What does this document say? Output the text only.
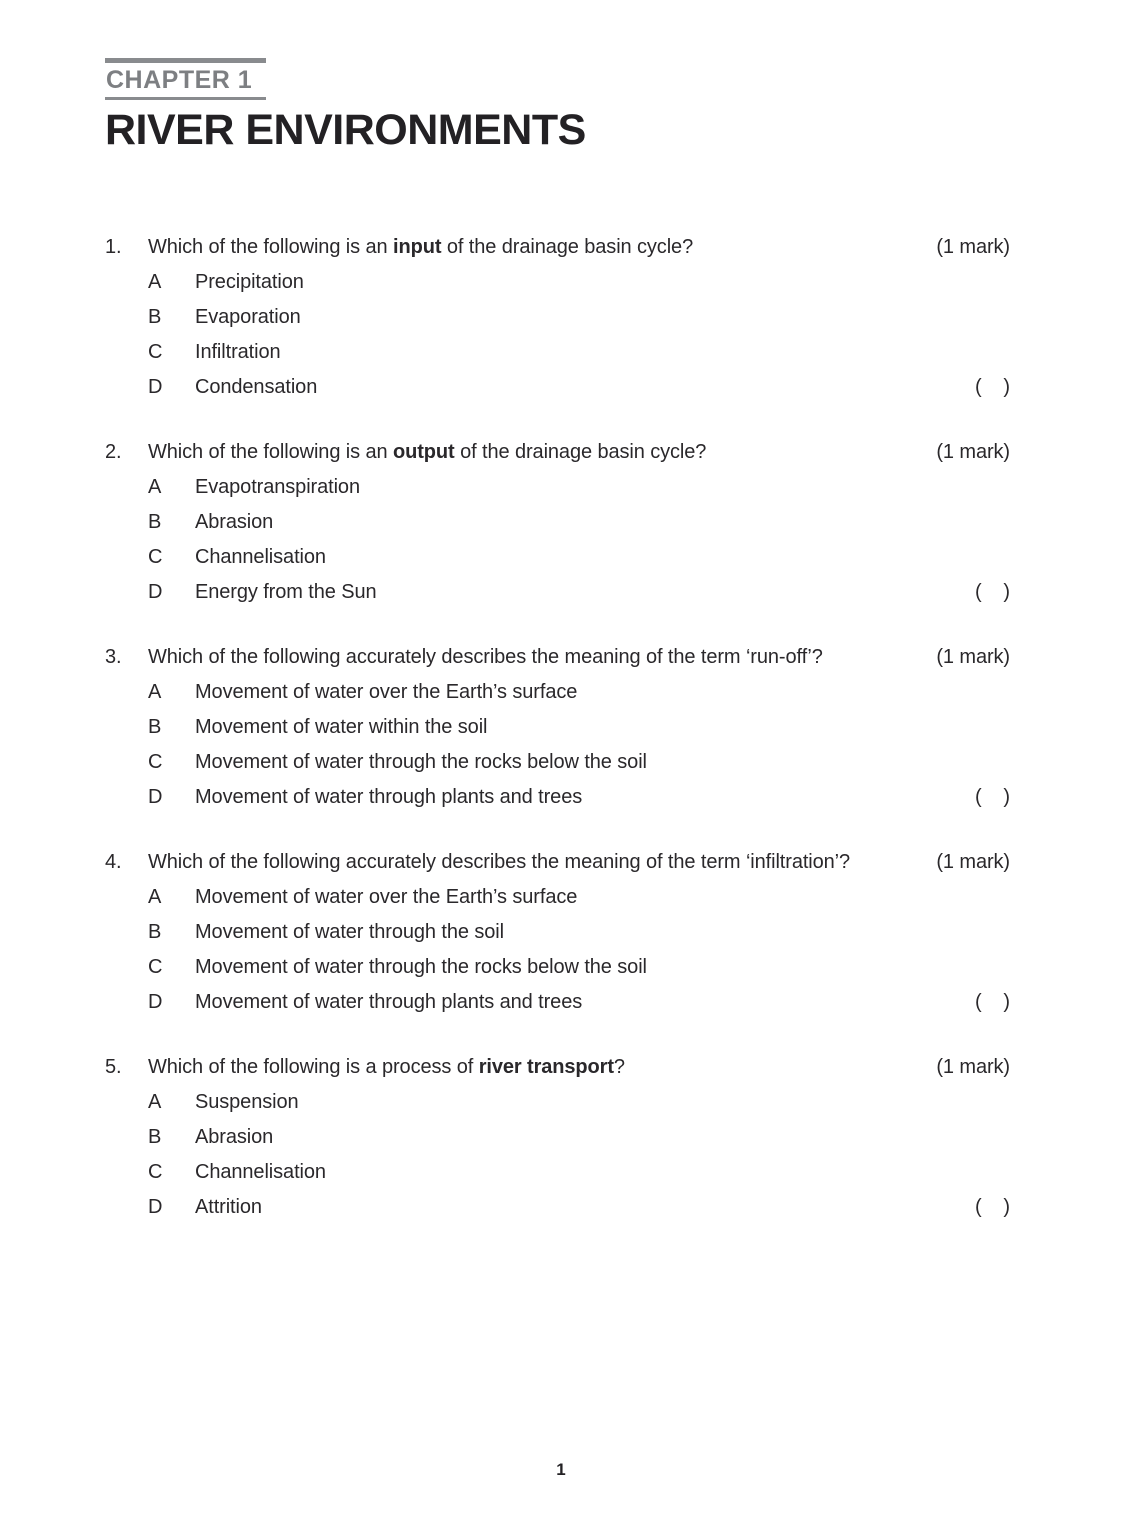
CHAPTER 1
RIVER ENVIRONMENTS
1.	Which of the following is an input of the drainage basin cycle?	(1 mark)
A	Precipitation
B	Evaporation
C	Infiltration
D	Condensation	(    )
2.	Which of the following is an output of the drainage basin cycle?	(1 mark)
A	Evapotranspiration
B	Abrasion
C	Channelisation
D	Energy from the Sun	(    )
3.	Which of the following accurately describes the meaning of the term ‘run-off’?	(1 mark)
A	Movement of water over the Earth’s surface
B	Movement of water within the soil
C	Movement of water through the rocks below the soil
D	Movement of water through plants and trees	(    )
4.	Which of the following accurately describes the meaning of the term ‘infiltration’?	(1 mark)
A	Movement of water over the Earth’s surface
B	Movement of water through the soil
C	Movement of water through the rocks below the soil
D	Movement of water through plants and trees	(    )
5.	Which of the following is a process of river transport?	(1 mark)
A	Suspension
B	Abrasion
C	Channelisation
D	Attrition	(    )
1
